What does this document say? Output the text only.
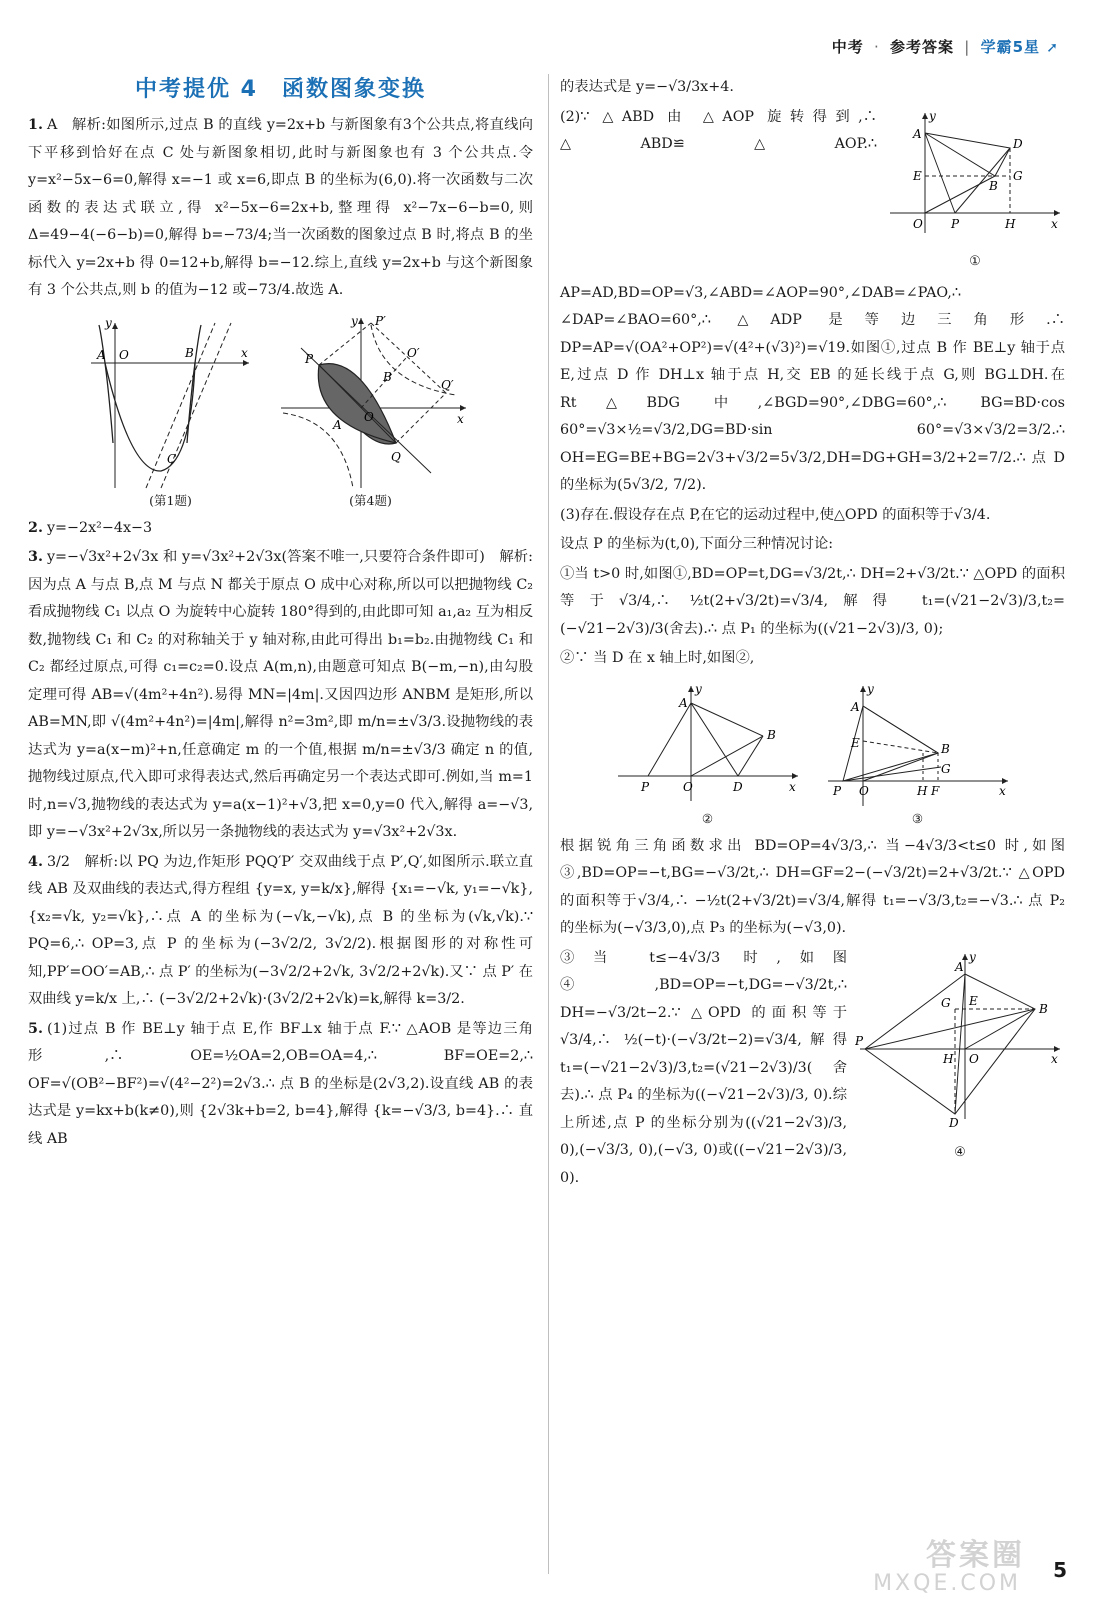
中考 · 参考答案 | 学霸5星 ➚
中考提优 4　函数图象变换
1. A　解析:如图所示,过点 B 的直线 y=2x+b 与新图象有3个公共点,将直线向下平移到恰好在点 C 处与新图象相切,此时与新图象也有 3 个公共点.令 y=x²−5x−6=0,解得 x=−1 或 x=6,即点 B 的坐标为(6,0).将一次函数与二次函数的表达式联立,得 x²−5x−6=2x+b,整理得 x²−7x−6−b=0,则 Δ=49−4(−6−b)=0,解得 b=−73/4;当一次函数的图象过点 B 时,将点 B 的坐标代入 y=2x+b 得 0=12+b,解得 b=−12.综上,直线 y=2x+b 与这个新图象有 3 个公共点,则 b 的值为−12 或−73/4.故选 A.
A O	B
C
x
y
(第1题)
P
Q
P′
Q′
O′
B
A
O	x
y
(第4题)
2. y=−2x²−4x−3
3. y=−√3x²+2√3x 和 y=√3x²+2√3x(答案不唯一,只要符合条件即可)　解析:因为点 A 与点 B,点 M 与点 N 都关于原点 O 成中心对称,所以可以把抛物线 C₂ 看成抛物线 C₁ 以点 O 为旋转中心旋转 180°得到的,由此即可知 a₁,a₂ 互为相反数,抛物线 C₁ 和 C₂ 的对称轴关于 y 轴对称,由此可得出 b₁=b₂.由抛物线 C₁ 和 C₂ 都经过原点,可得 c₁=c₂=0.设点 A(m,n),由题意可知点 B(−m,−n),由勾股定理可得 AB=√(4m²+4n²).易得 MN=|4m|.又因四边形 ANBM 是矩形,所以 AB=MN,即 √(4m²+4n²)=|4m|,解得 n²=3m²,即 m/n=±√3/3.设抛物线的表达式为 y=a(x−m)²+n,任意确定 m 的一个值,根据 m/n=±√3/3 确定 n 的值,抛物线过原点,代入即可求得表达式,然后再确定另一个表达式即可.例如,当 m=1 时,n=√3,抛物线的表达式为 y=a(x−1)²+√3,把 x=0,y=0 代入,解得 a=−√3,即 y=−√3x²+2√3x,所以另一条抛物线的表达式为 y=√3x²+2√3x.
4. 3/2　解析:以 PQ 为边,作矩形 PQQ′P′ 交双曲线于点 P′,Q′,如图所示.联立直线 AB 及双曲线的表达式,得方程组 {y=x, y=k/x},解得 {x₁=−√k, y₁=−√k},{x₂=√k, y₂=√k},∴点 A 的坐标为(−√k,−√k),点 B 的坐标为(√k,√k).∵ PQ=6,∴ OP=3,点 P 的坐标为(−3√2/2, 3√2/2).根据图形的对称性可知,PP′=OO′=AB,∴ 点 P′ 的坐标为(−3√2/2+2√k, 3√2/2+2√k).又∵ 点 P′ 在双曲线 y=k/x 上,∴ (−3√2/2+2√k)·(3√2/2+2√k)=k,解得 k=3/2.
5. (1)过点 B 作 BE⊥y 轴于点 E,作 BF⊥x 轴于点 F.∵ △AOB 是等边三角形,∴ OE=½OA=2,OB=OA=4,∴ BF=OE=2,∴ OF=√(OB²−BF²)=√(4²−2²)=2√3.∴ 点 B 的坐标是(2√3,2).设直线 AB 的表达式是 y=kx+b(k≠0),则 {2√3k+b=2, b=4},解得 {k=−√3/3, b=4}.∴ 直线 AB
的表达式是 y=−√3/3x+4.
A
D
E
B
G
O P	H	x
y
①
(2)∵ △ABD 由 △AOP 旋转得到,∴ △ABD≌△AOP.∴ AP=AD,BD=OP=√3,∠ABD=∠AOP=90°,∠DAB=∠PAO,∴ ∠DAP=∠BAO=60°,∴ △ADP 是等边三角形.∴ DP=AP=√(OA²+OP²)=√(4²+(√3)²)=√19.如图①,过点 B 作 BE⊥y 轴于点 E,过点 D 作 DH⊥x 轴于点 H,交 EB 的延长线于点 G,则 BG⊥DH.在 Rt△BDG 中,∠BGD=90°,∠DBG=60°,∴ BG=BD·cos 60°=√3×½=√3/2,DG=BD·sin 60°=√3×√3/2=3/2.∴ OH=EG=BE+BG=2√3+√3/2=5√3/2,DH=DG+GH=3/2+2=7/2.∴ 点 D 的坐标为(5√3/2, 7/2).
(3)存在.假设存在点 P,在它的运动过程中,使△OPD 的面积等于√3/4.
设点 P 的坐标为(t,0),下面分三种情况讨论:
①当 t>0 时,如图①,BD=OP=t,DG=√3/2t,∴ DH=2+√3/2t.∵ △OPD 的面积等于√3/4,∴ ½t(2+√3/2t)=√3/4,解得 t₁=(√21−2√3)/3,t₂=(−√21−2√3)/3(舍去).∴ 点 P₁ 的坐标为((√21−2√3)/3, 0);
②∵ 当 D 在 x 轴上时,如图②,
A
B
P	O	D	x
y
②
A
E	B
G
P O	H F	x
y
③
根据锐角三角函数求出 BD=OP=4√3/3,∴ 当−4√3/3<t≤0 时,如图③,BD=OP=−t,BG=−√3/2t,∴ DH=GF=2−(−√3/2t)=2+√3/2t.∵ △OPD 的面积等于√3/4,∴ −½t(2+√3/2t)=√3/4,解得 t₁=−√3/3,t₂=−√3.∴ 点 P₂ 的坐标为(−√3/3,0),点 P₃ 的坐标为(−√3,0).
A
G E
B
P
H O
D
x
y
④
③当 t≤−4√3/3 时,如图④,BD=OP=−t,DG=−√3/2t,∴ DH=−√3/2t−2.∵ △OPD 的面积等于√3/4,∴ ½(−t)·(−√3/2t−2)=√3/4,解得 t₁=(−√21−2√3)/3,t₂=(√21−2√3)/3(舍去).∴ 点 P₄ 的坐标为((−√21−2√3)/3, 0).综上所述,点 P 的坐标分别为((√21−2√3)/3, 0),(−√3/3, 0),(−√3, 0)或((−√21−2√3)/3, 0).
答案圈
MXQE.COM
5
